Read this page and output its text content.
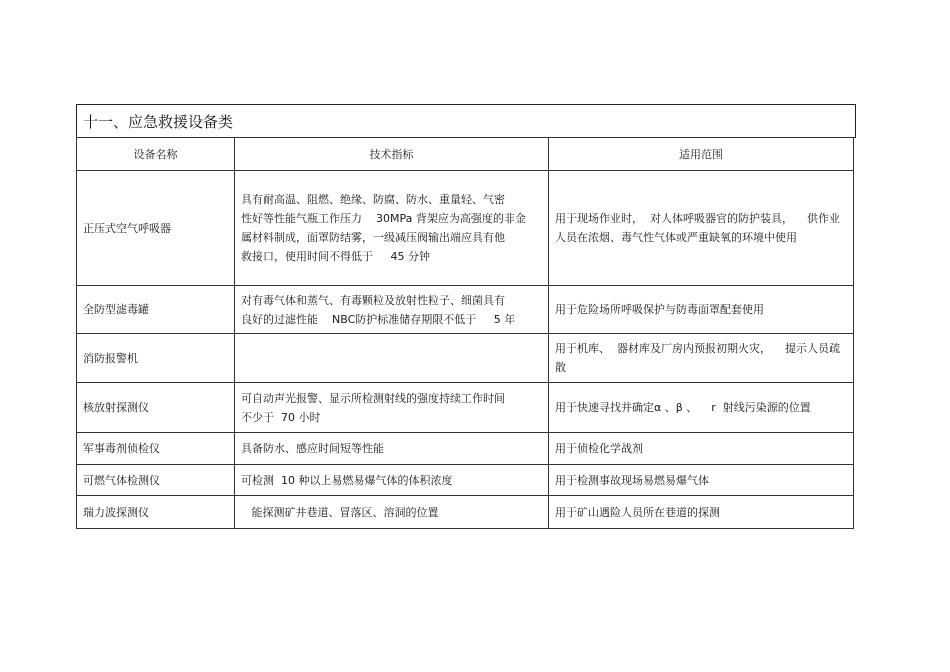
十一、应急救援设备类
设备名称	技术指标	适用范围
正压式空气呼吸器	具有耐高温、阻燃、绝缘、防腐、防水、重量轻、气密
性好等性能气瓶工作压力    30MPa 背架应为高强度的非金
属材料制成，面罩防结雾，一级减压阀输出端应具有他
救接口，使用时间不得低于     45 分钟	用于现场作业时，  对人体呼吸器官的防护装具，    供作业
人员在浓烟、毒气性气体或严重缺氧的环境中使用
全防型滤毒罐	对有毒气体和蒸气、有毒颗粒及放射性粒子、细菌具有
良好的过滤性能    NBC防护标准储存期限不低于     5 年	用于危险场所呼吸保护与防毒面罩配套使用
消防报警机		用于机库、  器材库及厂房内预报初期火灾，    提示人员疏
散
核放射探测仪	可自动声光报警、显示所检测射线的强度持续工作时间
不少于  70 小时	用于快速寻找并确定α 、β 、    r  射线污染源的位置
军事毒剂侦检仪	具备防水、感应时间短等性能	用于侦检化学战剂
可燃气体检测仪	可检测  10 种以上易燃易爆气体的体积浓度	用于检测事故现场易燃易爆气体
瑞力波探测仪	能探测矿井巷道、冒落区、溶洞的位置	用于矿山遇险人员所在巷道的探测
